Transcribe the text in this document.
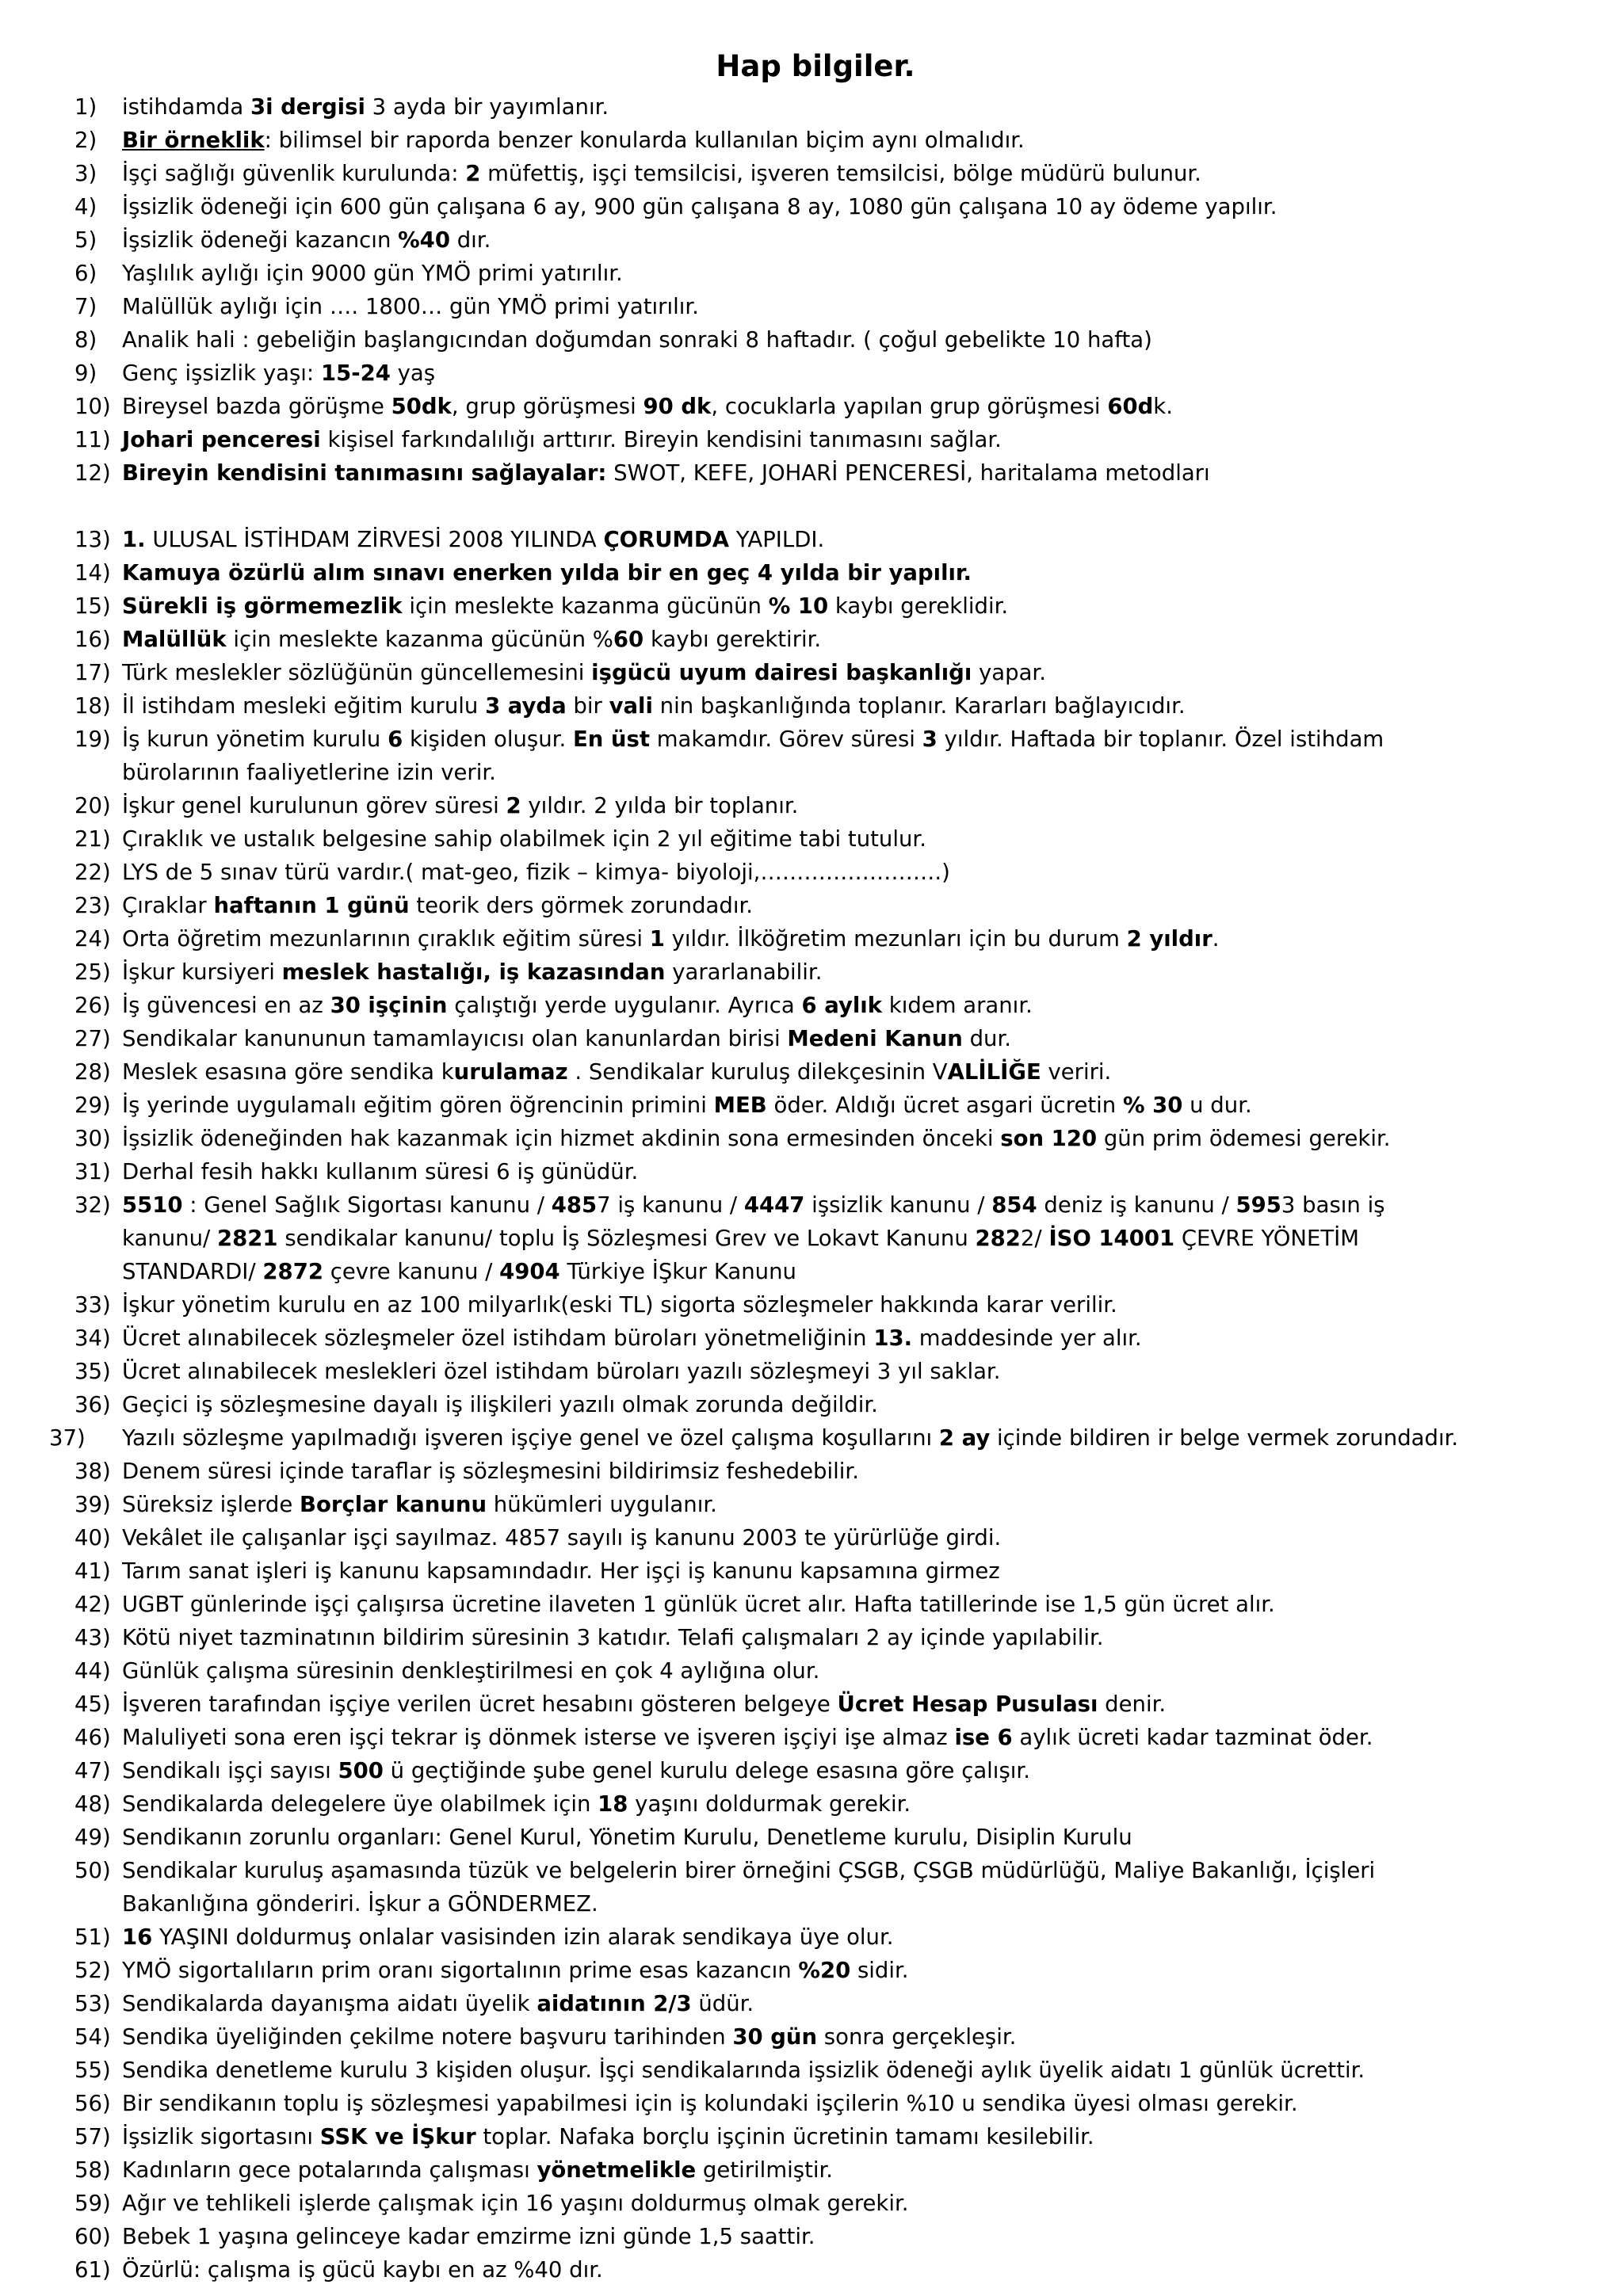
Hap bilgiler.
1) istihdamda 3i dergisi 3 ayda bir yayımlanır.
2) Bir örneklik: bilimsel bir raporda benzer konularda kullanılan biçim aynı olmalıdır.
3) İşçi sağlığı güvenlik kurulunda: 2 müfettiş, işçi temsilcisi, işveren temsilcisi, bölge müdürü bulunur.
4) İşsizlik ödeneği için 600 gün çalışana 6 ay, 900 gün çalışana 8 ay, 1080 gün çalışana 10 ay ödeme yapılır.
5) İşsizlik ödeneği kazancın %40 dır.
6) Yaşlılık aylığı için 9000 gün YMÖ primi yatırılır.
7) Malüllük aylığı için …. 1800… gün YMÖ primi yatırılır.
8) Analik hali : gebeliğin başlangıcından doğumdan sonraki 8 haftadır. ( çoğul gebelikte 10 hafta)
9) Genç işsizlik yaşı: 15-24 yaş
10) Bireysel bazda görüşme 50dk, grup görüşmesi 90 dk, cocuklarla yapılan grup görüşmesi 60dk.
11) Johari penceresi kişisel farkındalılığı arttırır. Bireyin kendisini tanımasını sağlar.
12) Bireyin kendisini tanımasını sağlayalar: SWOT, KEFE, JOHARİ PENCERESİ, haritalama metodları
13) 1. ULUSAL İSTİHDAM ZİRVESİ 2008 YILINDA ÇORUMDA YAPILDI.
14) Kamuya özürlü alım sınavı enerken yılda bir en geç 4 yılda bir yapılır.
15) Sürekli iş görmemezlik için meslekte kazanma gücünün % 10 kaybı gereklidir.
16) Malüllük için meslekte kazanma gücünün %60 kaybı gerektirir.
17) Türk meslekler sözlüğünün güncellemesini işgücü uyum dairesi başkanlığı yapar.
18) İl istihdam mesleki eğitim kurulu 3 ayda bir vali nin başkanlığında toplanır. Kararları bağlayıcıdır.
19) İş kurun yönetim kurulu 6 kişiden oluşur. En üst makamdır. Görev süresi 3 yıldır. Haftada bir toplanır. Özel istihdam
bürolarının faaliyetlerine izin verir.
20) İşkur genel kurulunun görev süresi 2 yıldır. 2 yılda bir toplanır.
21) Çıraklık ve ustalık belgesine sahip olabilmek için 2 yıl eğitime tabi tutulur.
22) LYS de 5 sınav türü vardır.( mat-geo, fizik – kimya- biyoloji,…………………….)
23) Çıraklar haftanın 1 günü teorik ders görmek zorundadır.
24) Orta öğretim mezunlarının çıraklık eğitim süresi 1 yıldır. İlköğretim mezunları için bu durum 2 yıldır.
25) İşkur kursiyeri meslek hastalığı, iş kazasından yararlanabilir.
26) İş güvencesi en az 30 işçinin çalıştığı yerde uygulanır. Ayrıca 6 aylık kıdem aranır.
27) Sendikalar kanununun tamamlayıcısı olan kanunlardan birisi Medeni Kanun dur.
28) Meslek esasına göre sendika kurulamaz . Sendikalar kuruluş dilekçesinin VALİLİĞE veriri.
29) İş yerinde uygulamalı eğitim gören öğrencinin primini MEB öder. Aldığı ücret asgari ücretin % 30 u dur.
30) İşsizlik ödeneğinden hak kazanmak için hizmet akdinin sona ermesinden önceki son 120 gün prim ödemesi gerekir.
31) Derhal fesih hakkı kullanım süresi 6 iş günüdür.
32) 5510 : Genel Sağlık Sigortası kanunu / 4857 iş kanunu / 4447 işsizlik kanunu / 854 deniz iş kanunu / 5953 basın iş
kanunu/ 2821 sendikalar kanunu/ toplu İş Sözleşmesi Grev ve Lokavt Kanunu 2822/ İSO 14001 ÇEVRE YÖNETİM
STANDARDI/ 2872 çevre kanunu / 4904 Türkiye İŞkur Kanunu
33) İşkur yönetim kurulu en az 100 milyarlık(eski TL) sigorta sözleşmeler hakkında karar verilir.
34) Ücret alınabilecek sözleşmeler özel istihdam büroları yönetmeliğinin 13. maddesinde yer alır.
35) Ücret alınabilecek meslekleri özel istihdam büroları yazılı sözleşmeyi 3 yıl saklar.
36) Geçici iş sözleşmesine dayalı iş ilişkileri yazılı olmak zorunda değildir.
37) Yazılı sözleşme yapılmadığı işveren işçiye genel ve özel çalışma koşullarını 2 ay içinde bildiren ir belge vermek zorundadır.
38) Denem süresi içinde taraflar iş sözleşmesini bildirimsiz feshedebilir.
39) Süreksiz işlerde Borçlar kanunu hükümleri uygulanır.
40) Vekâlet ile çalışanlar işçi sayılmaz. 4857 sayılı iş kanunu 2003 te yürürlüğe girdi.
41) Tarım sanat işleri iş kanunu kapsamındadır. Her işçi iş kanunu kapsamına girmez
42) UGBT günlerinde işçi çalışırsa ücretine ilaveten 1 günlük ücret alır. Hafta tatillerinde ise 1,5 gün ücret alır.
43) Kötü niyet tazminatının bildirim süresinin 3 katıdır. Telafi çalışmaları 2 ay içinde yapılabilir.
44) Günlük çalışma süresinin denkleştirilmesi en çok 4 aylığına olur.
45) İşveren tarafından işçiye verilen ücret hesabını gösteren belgeye Ücret Hesap Pusulası denir.
46) Maluliyeti sona eren işçi tekrar iş dönmek isterse ve işveren işçiyi işe almaz ise 6 aylık ücreti kadar tazminat öder.
47) Sendikalı işçi sayısı 500 ü geçtiğinde şube genel kurulu delege esasına göre çalışır.
48) Sendikalarda delegelere üye olabilmek için 18 yaşını doldurmak gerekir.
49) Sendikanın zorunlu organları: Genel Kurul, Yönetim Kurulu, Denetleme kurulu, Disiplin Kurulu
50) Sendikalar kuruluş aşamasında tüzük ve belgelerin birer örneğini ÇSGB, ÇSGB müdürlüğü, Maliye Bakanlığı, İçişleri
Bakanlığına gönderiri. İşkur a GÖNDERMEZ.
51) 16 YAŞINI doldurmuş onlalar vasisinden izin alarak sendikaya üye olur.
52) YMÖ sigortalıların prim oranı sigortalının prime esas kazancın %20 sidir.
53) Sendikalarda dayanışma aidatı üyelik aidatının 2/3 üdür.
54) Sendika üyeliğinden çekilme notere başvuru tarihinden 30 gün sonra gerçekleşir.
55) Sendika denetleme kurulu 3 kişiden oluşur. İşçi sendikalarında işsizlik ödeneği aylık üyelik aidatı 1 günlük ücrettir.
56) Bir sendikanın toplu iş sözleşmesi yapabilmesi için iş kolundaki işçilerin %10 u sendika üyesi olması gerekir.
57) İşsizlik sigortasını SSK ve İŞkur toplar. Nafaka borçlu işçinin ücretinin tamamı kesilebilir.
58) Kadınların gece potalarında çalışması yönetmelikle getirilmiştir.
59) Ağır ve tehlikeli işlerde çalışmak için 16 yaşını doldurmuş olmak gerekir.
60) Bebek 1 yaşına gelinceye kadar emzirme izni günde 1,5 saattir.
61) Özürlü: çalışma iş gücü kaybı en az %40 dır.
